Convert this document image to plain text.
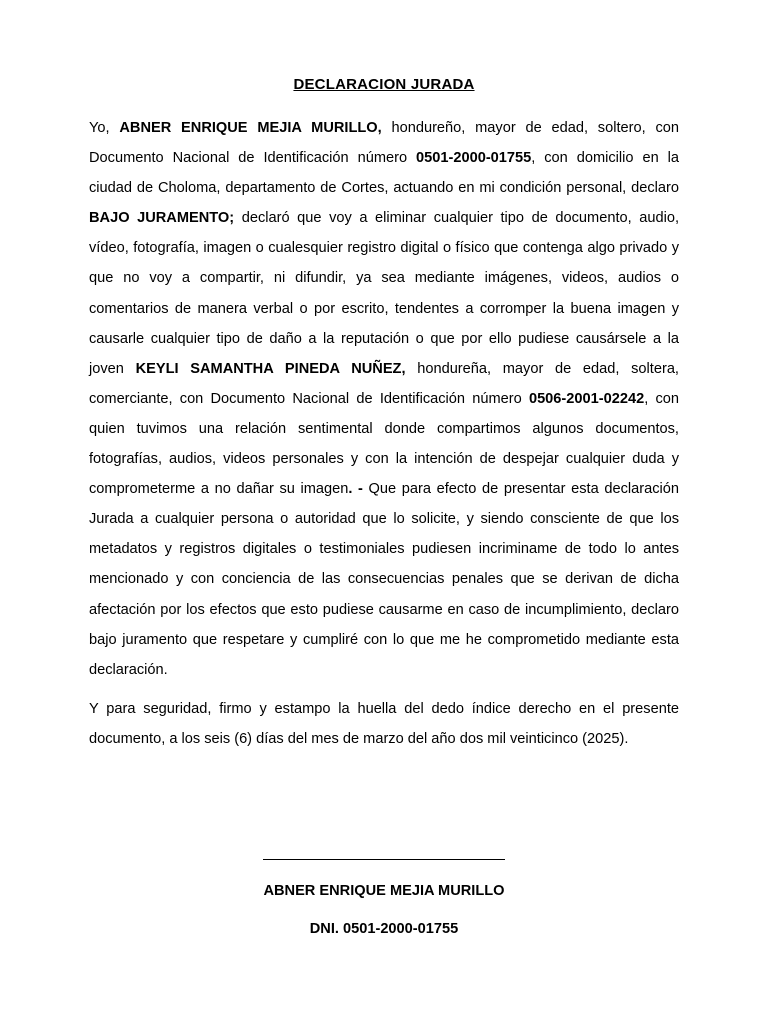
DECLARACION JURADA

Yo, ABNER ENRIQUE MEJIA MURILLO, hondureño, mayor de edad, soltero, con Documento Nacional de Identificación número 0501-2000-01755, con domicilio en la ciudad de Choloma, departamento de Cortes, actuando en mi condición personal, declaro BAJO JURAMENTO; declaró que voy a eliminar cualquier tipo de documento, audio, vídeo, fotografía, imagen o cualesquier registro digital o físico que contenga algo privado y que no voy a compartir, ni difundir, ya sea mediante imágenes, videos, audios o comentarios de manera verbal o por escrito, tendentes a corromper la buena imagen y causarle cualquier tipo de daño a la reputación o que por ello pudiese causársele a la joven KEYLI SAMANTHA PINEDA NUÑEZ, hondureña, mayor de edad, soltera, comerciante, con Documento Nacional de Identificación número 0506-2001-02242, con quien tuvimos una relación sentimental donde compartimos algunos documentos, fotografías, audios, videos personales y con la intención de despejar cualquier duda y comprometerme a no dañar su imagen. - Que para efecto de presentar esta declaración Jurada a cualquier persona o autoridad que lo solicite, y siendo consciente de que los metadatos y registros digitales o testimoniales pudiesen incriminame de todo lo antes mencionado y con conciencia de las consecuencias penales que se derivan de dicha afectación por los efectos que esto pudiese causarme en caso de incumplimiento, declaro bajo juramento que respetare y cumpliré con lo que me he comprometido mediante esta declaración.

Y para seguridad, firmo y estampo la huella del dedo índice derecho en el presente documento, a los seis (6) días del mes de marzo del año dos mil veinticinco (2025).

ABNER ENRIQUE MEJIA MURILLO
DNI. 0501-2000-01755
